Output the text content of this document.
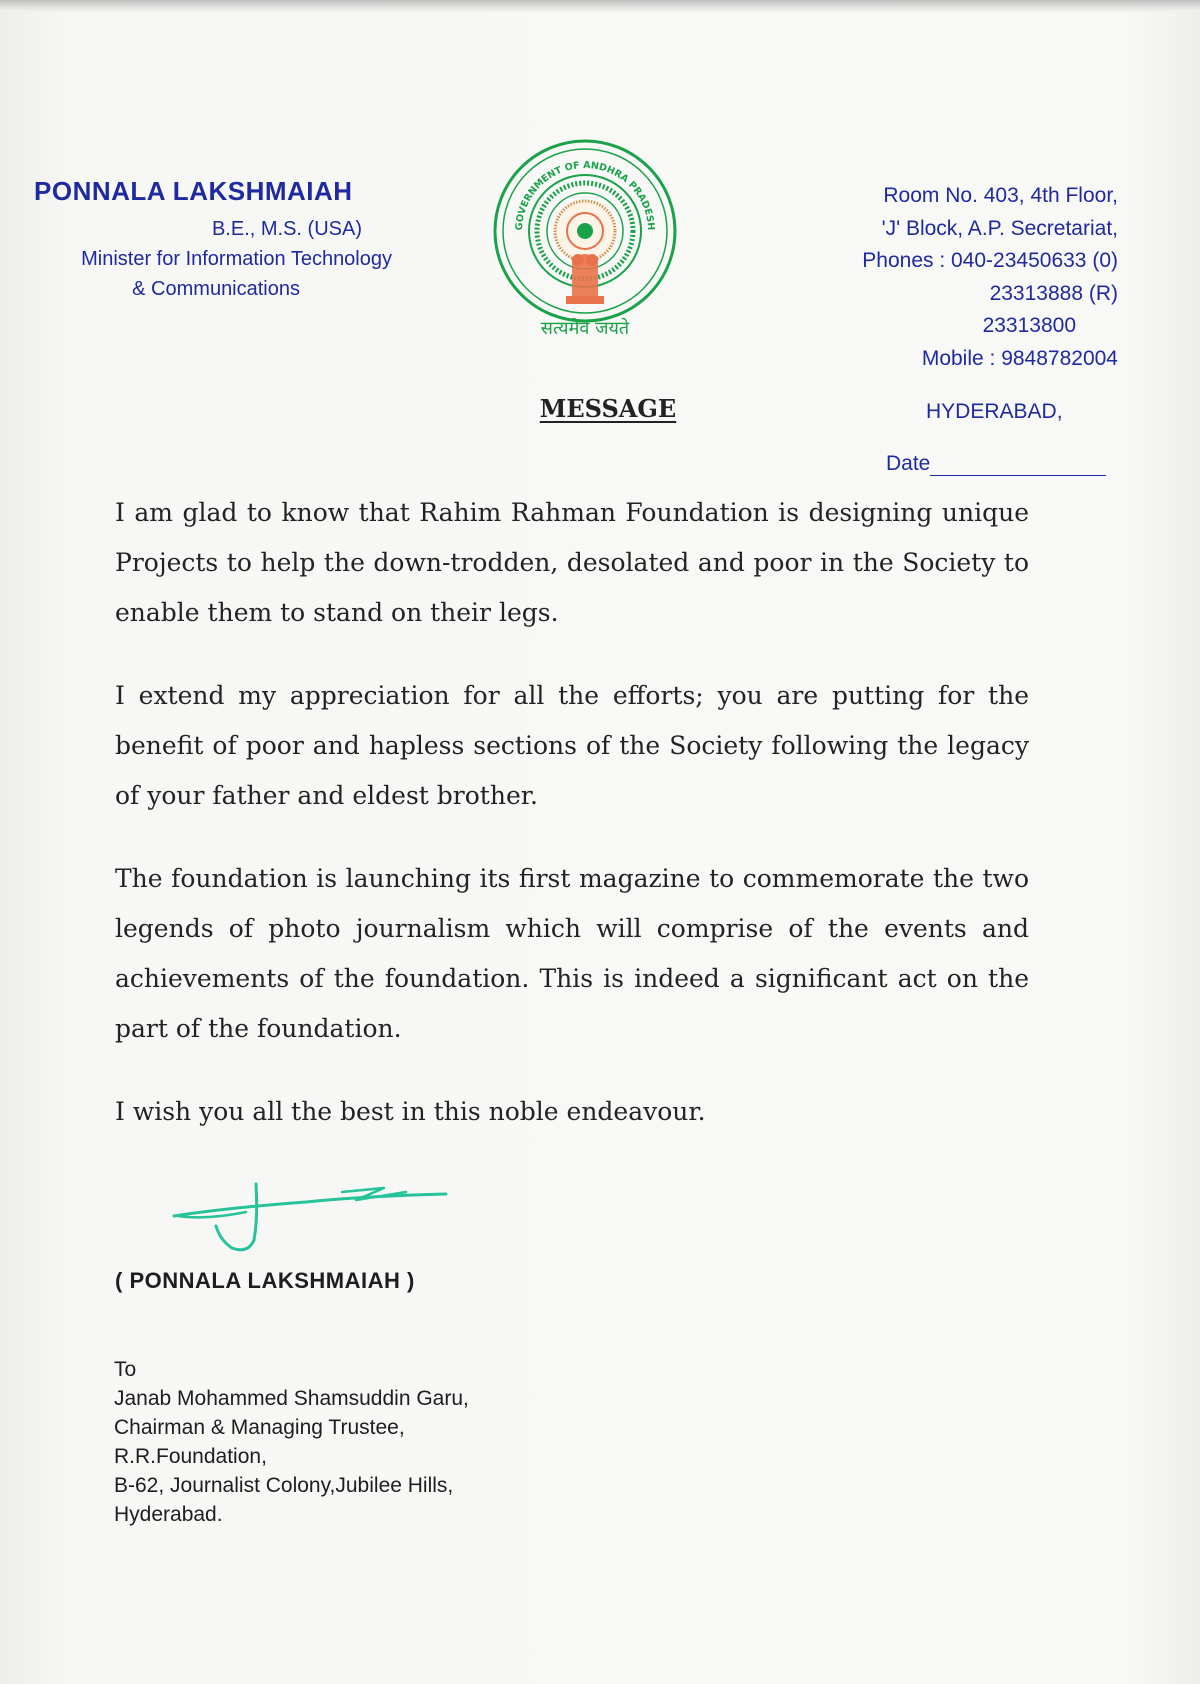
PONNALA LAKSHMAIAH
B.E., M.S. (USA)
Minister for Information Technology
& Communications
GOVERNMENT OF ANDHRA PRADESH
सत्यमेव जयते
Room No. 403, 4th Floor,
'J' Block, A.P. Secretariat,
Phones : 040-23450633 (0)
23313888 (R)
23313800
Mobile : 9848782004
MESSAGE	HYDERABAD,
Date

I am glad to know that Rahim Rahman Foundation is designing unique Projects to help the down-trodden, desolated and poor in the Society to enable them to stand on their legs.

I extend my appreciation for all the efforts; you are putting for the benefit of poor and hapless sections of the Society following the legacy of your father and eldest brother.

The foundation is launching its first magazine to commemorate the two legends of photo journalism which will comprise of the events and achievements of the foundation. This is indeed a significant act on the part of the foundation.

I wish you all the best in this noble endeavour.

( PONNALA LAKSHMAIAH )
To
Janab Mohammed Shamsuddin Garu,
Chairman & Managing Trustee,
R.R.Foundation,
B-62, Journalist Colony,Jubilee Hills,
Hyderabad.
